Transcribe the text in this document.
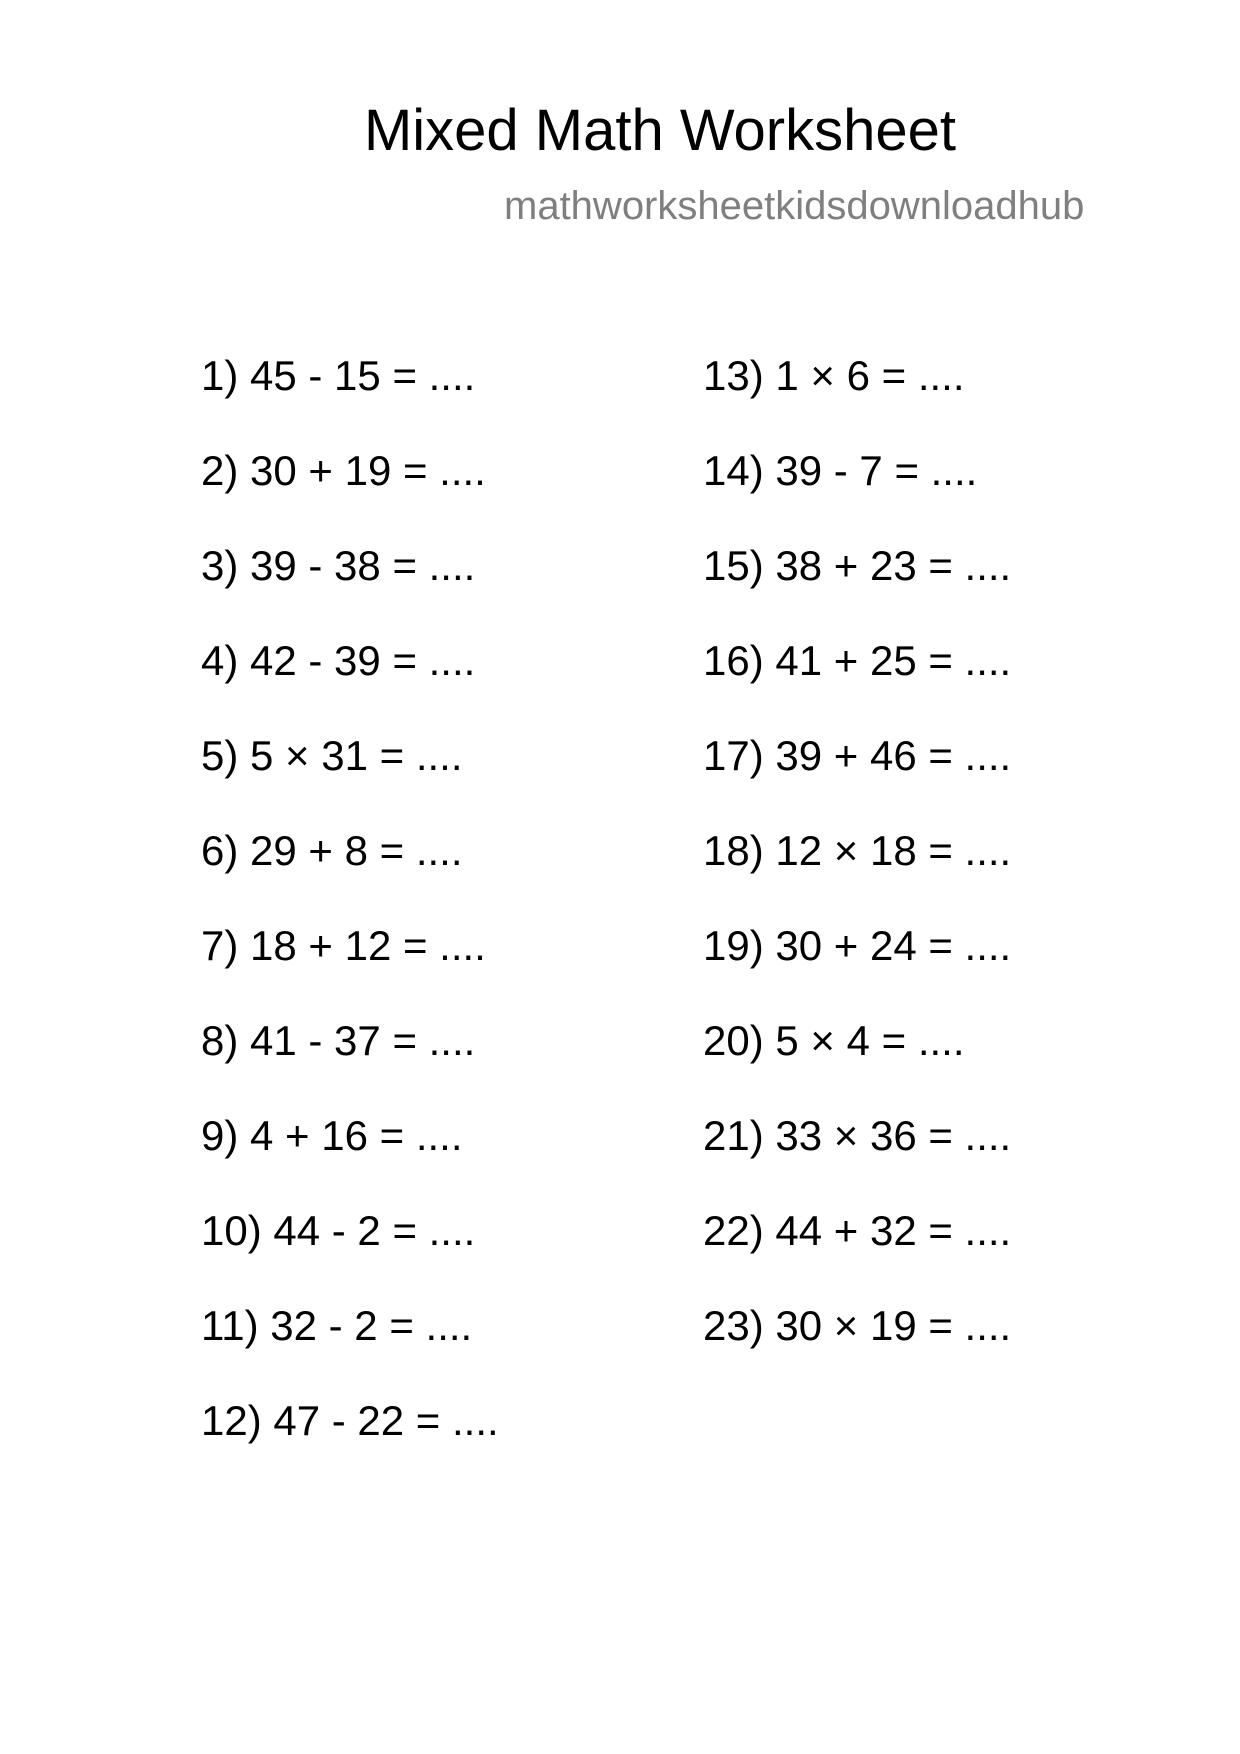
Mixed Math Worksheet
mathworksheetkidsdownloadhub
1) 45 - 15 = ....
2) 30 + 19 = ....
3) 39 - 38 = ....
4) 42 - 39 = ....
5) 5 × 31 = ....
6) 29 + 8 = ....
7) 18 + 12 = ....
8) 41 - 37 = ....
9) 4 + 16 = ....
10) 44 - 2 = ....
11) 32 - 2 = ....
12) 47 - 22 = ....
13) 1 × 6 = ....
14) 39 - 7 = ....
15) 38 + 23 = ....
16) 41 + 25 = ....
17) 39 + 46 = ....
18) 12 × 18 = ....
19) 30 + 24 = ....
20) 5 × 4 = ....
21) 33 × 36 = ....
22) 44 + 32 = ....
23) 30 × 19 = ....
